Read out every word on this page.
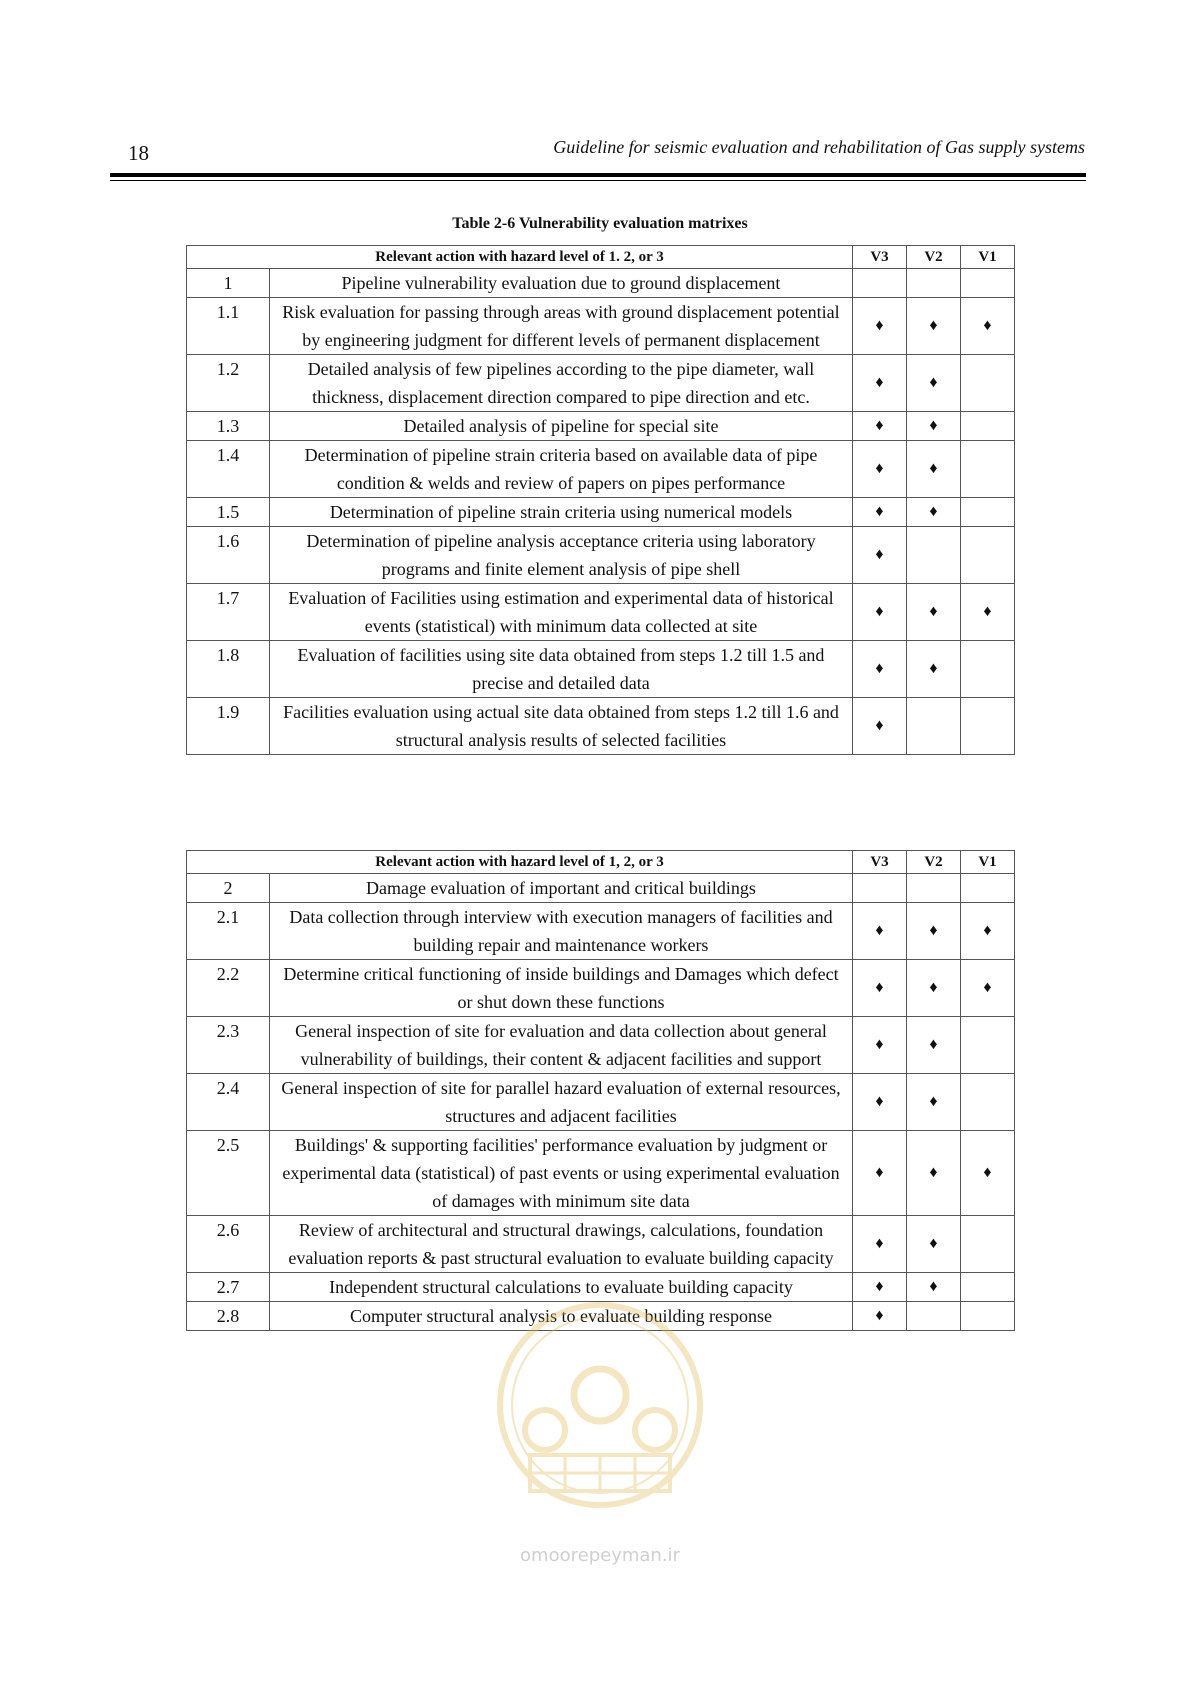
18	Guideline for seismic evaluation and rehabilitation of Gas supply systems
Table 2-6 Vulnerability evaluation matrixes
Relevant action with hazard level of 1. 2, or 3		V3	V2	V1
1	Pipeline vulnerability evaluation due to ground displacement			
1.1	Risk evaluation for passing through areas with ground displacement potential by engineering judgment for different levels of permanent displacement	♦	♦	♦
1.2	Detailed analysis of few pipelines according to the pipe diameter, wall thickness, displacement direction compared to pipe direction and etc.	♦	♦	
1.3	Detailed analysis of pipeline for special site	♦	♦	
1.4	Determination of pipeline strain criteria based on available data of pipe condition & welds and review of papers on pipes performance	♦	♦	
1.5	Determination of pipeline strain criteria using numerical models	♦	♦	
1.6	Determination of pipeline analysis acceptance criteria using laboratory programs and finite element analysis of pipe shell	♦		
1.7	Evaluation of Facilities using estimation and experimental data of historical events (statistical) with minimum data collected at site	♦	♦	♦
1.8	Evaluation of facilities using site data obtained from steps 1.2 till 1.5 and precise and detailed data	♦	♦	
1.9	Facilities evaluation using actual site data obtained from steps 1.2 till 1.6 and structural analysis results of selected facilities	♦		
Relevant action with hazard level of 1, 2, or 3		V3	V2	V1
2	Damage evaluation of important and critical buildings			
2.1	Data collection through interview with execution managers of facilities and building repair and maintenance workers	♦	♦	♦
2.2	Determine critical functioning of inside buildings and Damages which defect or shut down these functions	♦	♦	♦
2.3	General inspection of site for evaluation and data collection about general vulnerability of buildings, their content & adjacent facilities and support	♦	♦	
2.4	General inspection of site for parallel hazard evaluation of external resources, structures and adjacent facilities	♦	♦	
2.5	Buildings' & supporting facilities' performance evaluation by judgment or experimental data (statistical) of past events or using experimental evaluation of damages with minimum site data	♦	♦	♦
2.6	Review of architectural and structural drawings, calculations, foundation evaluation reports & past structural evaluation to evaluate building capacity	♦	♦	
2.7	Independent structural calculations to evaluate building capacity	♦	♦	
2.8	Computer structural analysis to evaluate building response	♦		
omoorepeyman.ir
